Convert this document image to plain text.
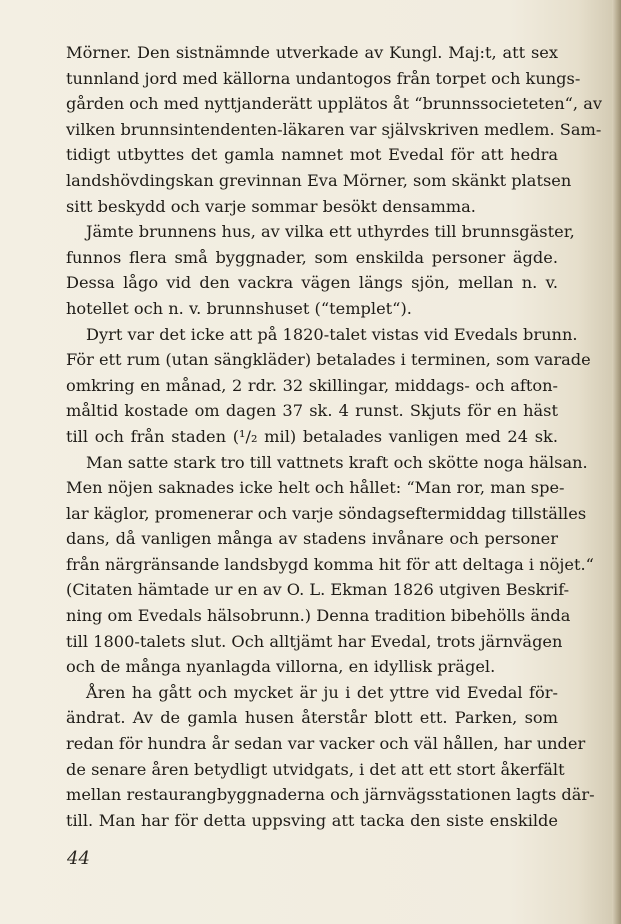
Mörner. Den sistnämnde utverkade av Kungl. Maj:t, att sex
tunnland jord med källorna undantogos från torpet och kungs-
gården och med nyttjanderätt upplätos åt “brunnssocieteten“, av
vilken brunnsintendenten-läkaren var självskriven medlem. Sam-
tidigt utbyttes det gamla namnet mot Evedal för att hedra
landshövdingskan grevinnan Eva Mörner, som skänkt platsen
sitt beskydd och varje sommar besökt densamma.

Jämte brunnens hus, av vilka ett uthyrdes till brunnsgäster,
funnos flera små byggnader, som enskilda personer ägde.
Dessa lågo vid den vackra vägen längs sjön, mellan n. v.
hotellet och n. v. brunnshuset (“templet“).

Dyrt var det icke att på 1820-talet vistas vid Evedals brunn.
För ett rum (utan sängkläder) betalades i terminen, som varade
omkring en månad, 2 rdr. 32 skillingar, middags- och afton-
måltid kostade om dagen 37 sk. 4 runst. Skjuts för en häst
till och från staden (¹/₂ mil) betalades vanligen med 24 sk.

Man satte stark tro till vattnets kraft och skötte noga hälsan.
Men nöjen saknades icke helt och hållet: “Man ror, man spe-
lar käglor, promenerar och varje söndagseftermiddag tillställes
dans, då vanligen många av stadens invånare och personer
från närgränsande landsbygd komma hit för att deltaga i nöjet.“
(Citaten hämtade ur en av O. L. Ekman 1826 utgiven Beskrif-
ning om Evedals hälsobrunn.) Denna tradition bibehölls ända
till 1800-talets slut. Och alltjämt har Evedal, trots järnvägen
och de många nyanlagda villorna, en idyllisk prägel.

Åren ha gått och mycket är ju i det yttre vid Evedal för-
ändrat. Av de gamla husen återstår blott ett. Parken, som
redan för hundra år sedan var vacker och väl hållen, har under
de senare åren betydligt utvidgats, i det att ett stort åkerfält
mellan restaurangbyggnaderna och järnvägsstationen lagts där-
till. Man har för detta uppsving att tacka den siste enskilde

44
